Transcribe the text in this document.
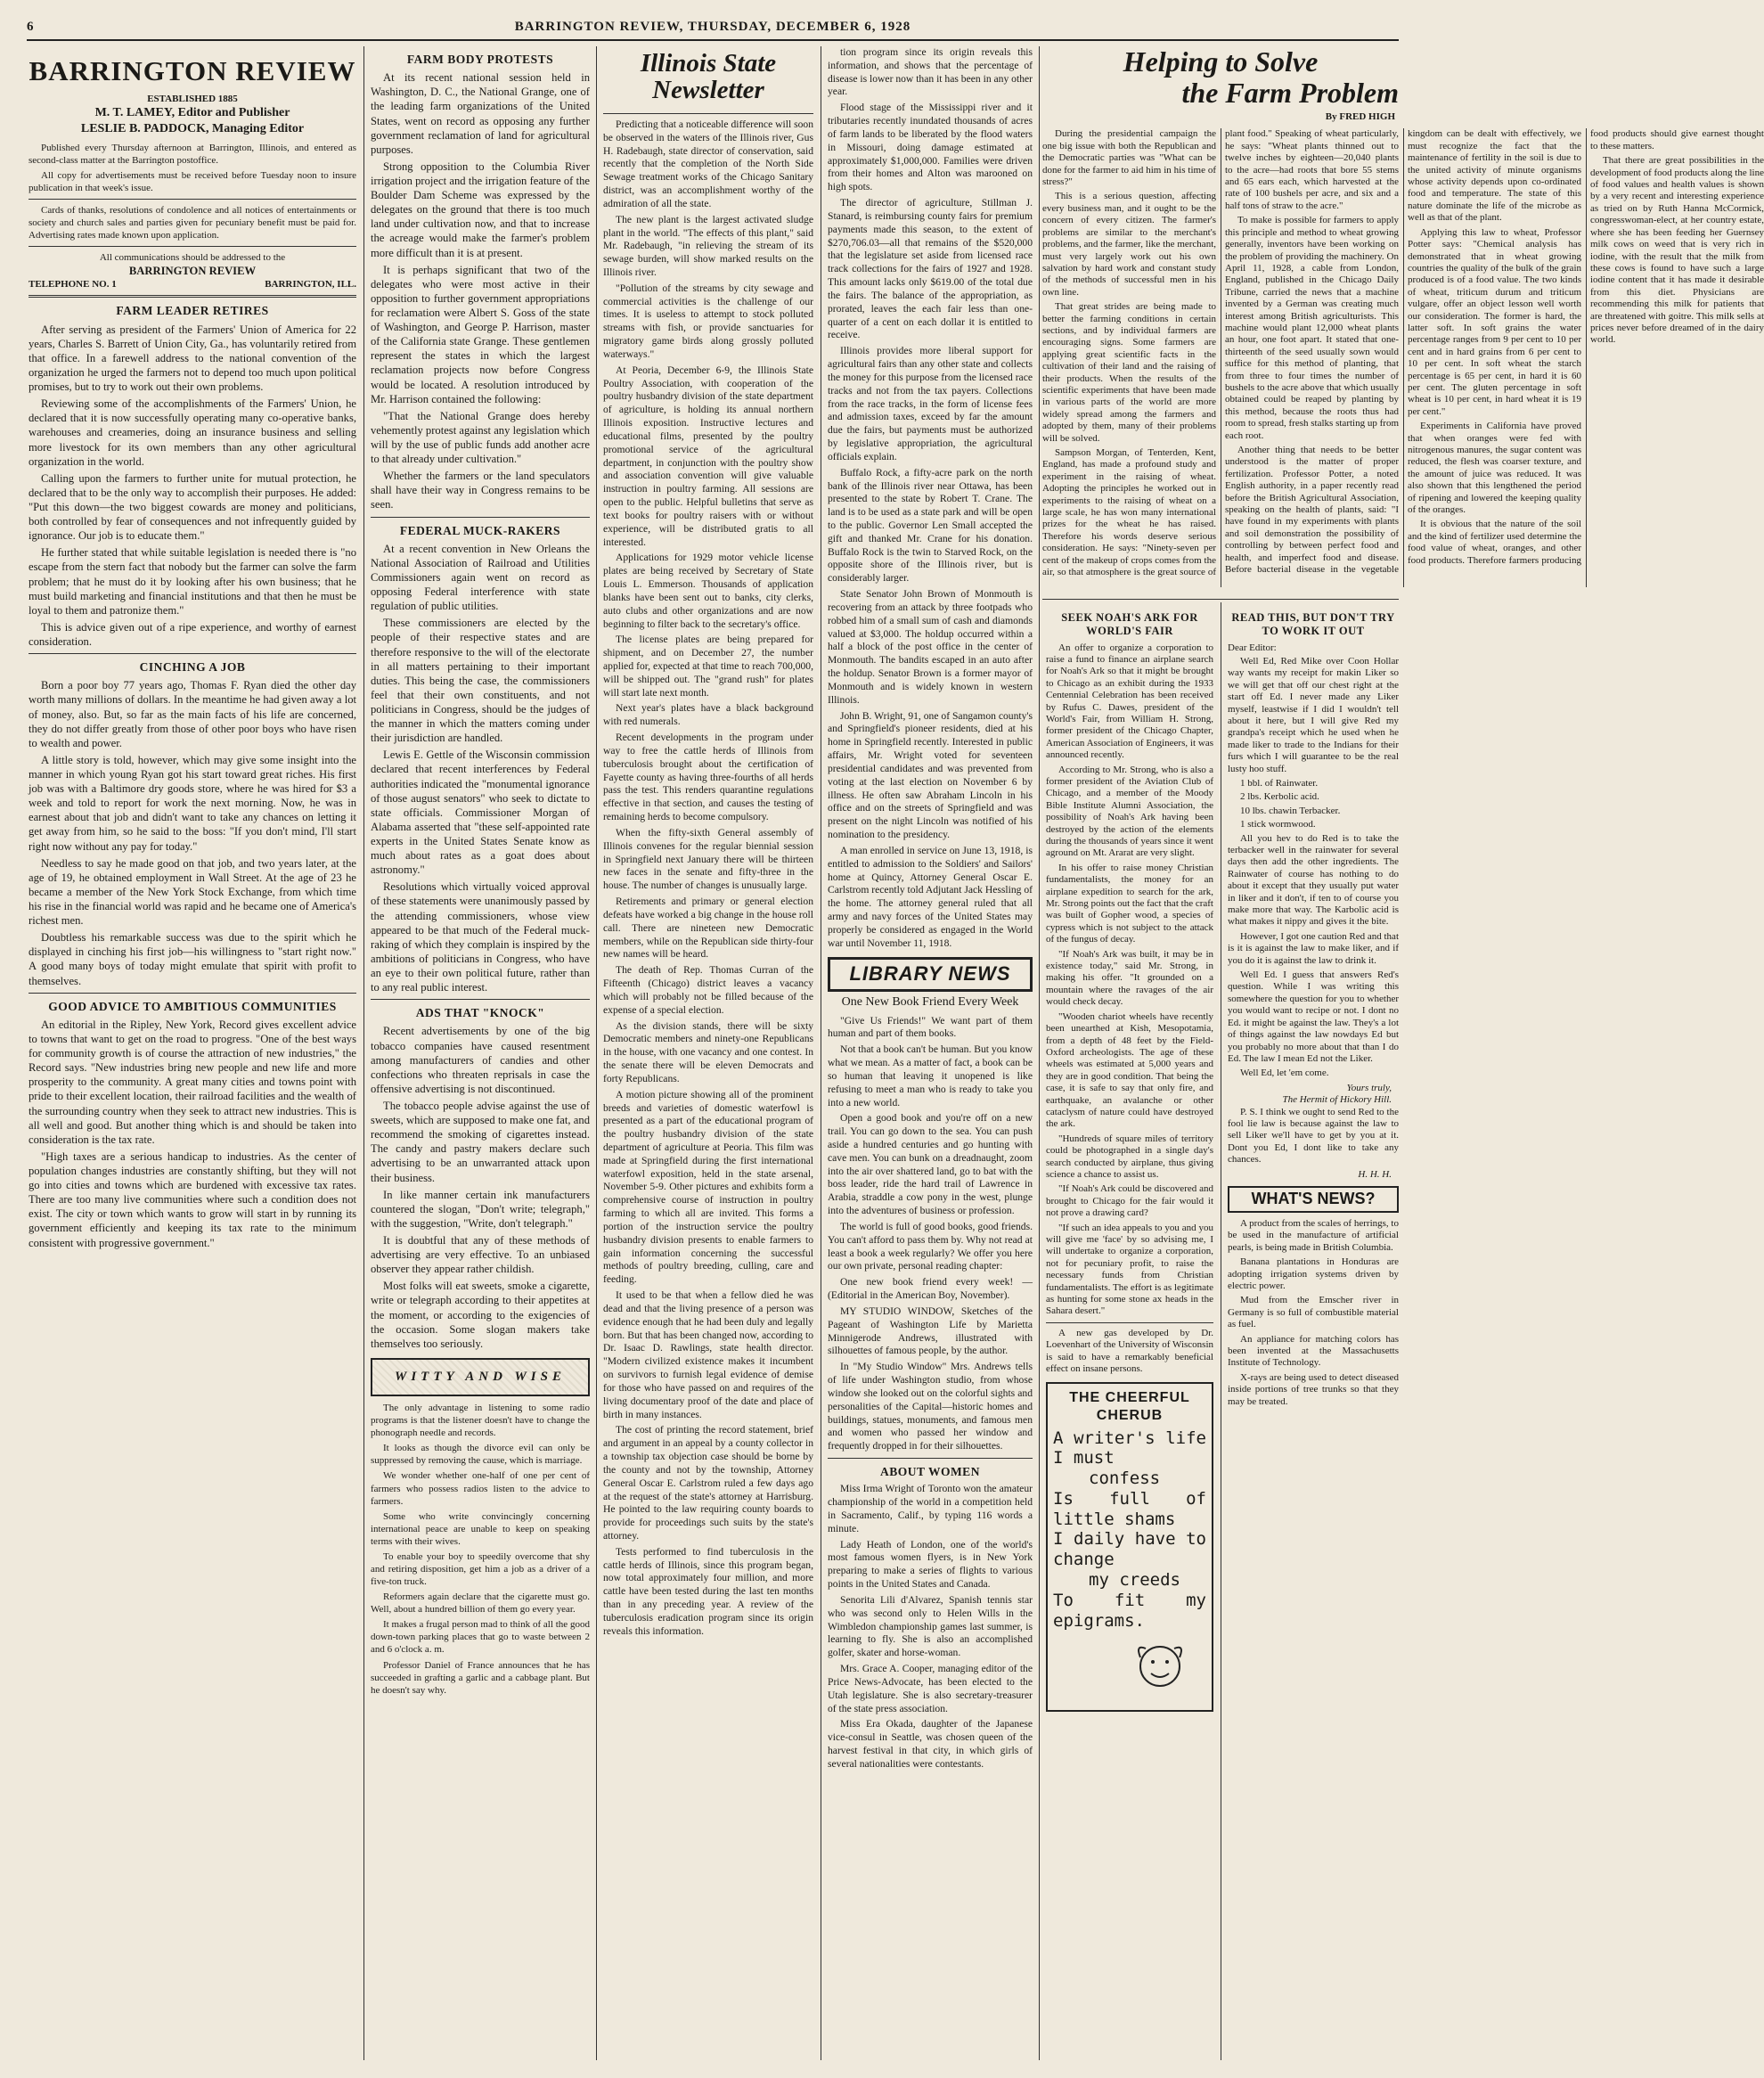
6	BARRINGTON REVIEW, THURSDAY, DECEMBER 6, 1928
BARRINGTON REVIEW
ESTABLISHED 1885
M. T. LAMEY, Editor and Publisher
LESLIE B. PADDOCK, Managing Editor

Published every Thursday afternoon at Barrington, Illinois, and entered as second-class matter at the Barrington postoffice.

All copy for advertisements must be received before Tuesday noon to insure publication in that week's issue.

Cards of thanks, resolutions of condolence and all notices of entertainments or society and church sales and parties given for pecuniary benefit must be paid for. Advertising rates made known upon application.

All communications should be addressed to the
BARRINGTON REVIEW
TELEPHONE NO. 1	BARRINGTON, ILL.
FARM LEADER RETIRES

After serving as president of the Farmers' Union of America for 22 years, Charles S. Barrett of Union City, Ga., has voluntarily retired from that office. In a farewell address to the national convention of the organization he urged the farmers not to depend too much upon political promises, but to try to work out their own problems.

Reviewing some of the accomplishments of the Farmers' Union, he declared that it is now successfully operating many co-operative banks, warehouses and creameries, doing an insurance business and selling more livestock for its own members than any other agricultural organization in the world.

Calling upon the farmers to further unite for mutual protection, he declared that to be the only way to accomplish their purposes. He added: "Put this down—the two biggest cowards are money and politicians, both controlled by fear of consequences and not infrequently guided by ignorance. Our job is to educate them."

He further stated that while suitable legislation is needed there is "no escape from the stern fact that nobody but the farmer can solve the farm problem; that he must do it by looking after his own business; that he must build marketing and financial institutions and that then he must be loyal to them and patronize them."

This is advice given out of a ripe experience, and worthy of earnest consideration.

CINCHING A JOB

Born a poor boy 77 years ago, Thomas F. Ryan died the other day worth many millions of dollars. In the meantime he had given away a lot of money, also. But, so far as the main facts of his life are concerned, they do not differ greatly from those of other poor boys who have risen to wealth and power.

A little story is told, however, which may give some insight into the manner in which young Ryan got his start toward great riches. His first job was with a Baltimore dry goods store, where he was hired for $3 a week and told to report for work the next morning. Now, he was in earnest about that job and didn't want to take any chances on letting it get away from him, so he said to the boss: "If you don't mind, I'll start right now without any pay for today."

Needless to say he made good on that job, and two years later, at the age of 19, he obtained employment in Wall Street. At the age of 23 he became a member of the New York Stock Exchange, from which time his rise in the financial world was rapid and he became one of America's richest men.

Doubtless his remarkable success was due to the spirit which he displayed in cinching his first job—his willingness to "start right now." A good many boys of today might emulate that spirit with profit to themselves.

GOOD ADVICE TO AMBITIOUS COMMUNITIES

An editorial in the Ripley, New York, Record gives excellent advice to towns that want to get on the road to progress. "One of the best ways for community growth is of course the attraction of new industries," the Record says. "New industries bring new people and new life and more prosperity to the community. A great many cities and towns point with pride to their excellent location, their railroad facilities and the wealth of the surrounding country when they seek to attract new industries. This is all well and good. But another thing which is and should be taken into consideration is the tax rate.

"High taxes are a serious handicap to industries. As the center of population changes industries are constantly shifting, but they will not go into cities and towns which are burdened with excessive tax rates. There are too many live communities where such a condition does not exist. The city or town which wants to grow will start in by running its government efficiently and keeping its tax rate to the minimum consistent with progressive government."

FARM BODY PROTESTS

At its recent national session held in Washington, D. C., the National Grange, one of the leading farm organizations of the United States, went on record as opposing any further government reclamation of land for agricultural purposes.

Strong opposition to the Columbia River irrigation project and the irrigation feature of the Boulder Dam Scheme was expressed by the delegates on the ground that there is too much land under cultivation now, and that to increase the acreage would make the farmer's problem more difficult than it is at present.

It is perhaps significant that two of the delegates who were most active in their opposition to further government appropriations for reclamation were Albert S. Goss of the state of Washington, and George P. Harrison, master of the California state Grange. These gentlemen represent the states in which the largest reclamation projects now before Congress would be located. A resolution introduced by Mr. Harrison contained the following:

"That the National Grange does hereby vehemently protest against any legislation which will by the use of public funds add another acre to that already under cultivation."

Whether the farmers or the land speculators shall have their way in Congress remains to be seen.

FEDERAL MUCK-RAKERS

At a recent convention in New Orleans the National Association of Railroad and Utilities Commissioners again went on record as opposing Federal interference with state regulation of public utilities.

These commissioners are elected by the people of their respective states and are therefore responsive to the will of the electorate in all matters pertaining to their important duties. This being the case, the commissioners feel that their own constituents, and not politicians in Congress, should be the judges of the manner in which the matters coming under their jurisdiction are handled.

Lewis E. Gettle of the Wisconsin commission declared that recent interferences by Federal authorities indicated the "monumental ignorance of those august senators" who seek to dictate to state officials. Commissioner Morgan of Alabama asserted that "these self-appointed rate experts in the United States Senate know as much about rates as a goat does about astronomy."

Resolutions which virtually voiced approval of these statements were unanimously passed by the attending commissioners, whose view appeared to be that much of the Federal muck-raking of which they complain is inspired by the ambitions of politicians in Congress, who have an eye to their own political future, rather than to any real public interest.

ADS THAT "KNOCK"

Recent advertisements by one of the big tobacco companies have caused resentment among manufacturers of candies and other confections who threaten reprisals in case the offensive advertising is not discontinued.

The tobacco people advise against the use of sweets, which are supposed to make one fat, and recommend the smoking of cigarettes instead. The candy and pastry makers declare such advertising to be an unwarranted attack upon their business.

In like manner certain ink manufacturers countered the slogan, "Don't write; telegraph," with the suggestion, "Write, don't telegraph."

It is doubtful that any of these methods of advertising are very effective. To an unbiased observer they appear rather childish.

Most folks will eat sweets, smoke a cigarette, write or telegraph according to their appetites at the moment, or according to the exigencies of the occasion. Some slogan makers take themselves too seriously.

WITTY AND WISE

The only advantage in listening to some radio programs is that the listener doesn't have to change the phonograph needle and records.

It looks as though the divorce evil can only be suppressed by removing the cause, which is marriage.

We wonder whether one-half of one per cent of farmers who possess radios listen to the advice to farmers.

Some who write convincingly concerning international peace are unable to keep on speaking terms with their wives.

To enable your boy to speedily overcome that shy and retiring disposition, get him a job as a driver of a five-ton truck.

Reformers again declare that the cigarette must go. Well, about a hundred billion of them go every year.

It makes a frugal person mad to think of all the good down-town parking places that go to waste between 2 and 6 o'clock a. m.

Professor Daniel of France announces that he has succeeded in grafting a garlic and a cabbage plant. But he doesn't say why.

Illinois State Newsletter

Predicting that a noticeable difference will soon be observed in the waters of the Illinois river, Gus H. Radebaugh, state director of conservation, said recently that the completion of the North Side Sewage treatment works of the Chicago Sanitary district, was an accomplishment worthy of the admiration of all the state.

The new plant is the largest activated sludge plant in the world. "The effects of this plant," said Mr. Radebaugh, "in relieving the stream of its sewage burden, will show marked results on the Illinois river.

"Pollution of the streams by city sewage and commercial activities is the challenge of our times. It is useless to attempt to stock polluted streams with fish, or provide sanctuaries for migratory game birds along grossly polluted waterways."

At Peoria, December 6-9, the Illinois State Poultry Association, with cooperation of the poultry husbandry division of the state department of agriculture, is holding its annual northern Illinois exposition. Instructive lectures and educational films, presented by the poultry promotional service of the agricultural department, in conjunction with the poultry show and association convention will give valuable instruction in poultry farming. All sessions are open to the public. Helpful bulletins that serve as text books for poultry raisers with or without experience, will be distributed gratis to all interested.

Applications for 1929 motor vehicle license plates are being received by Secretary of State Louis L. Emmerson. Thousands of application blanks have been sent out to banks, city clerks, auto clubs and other organizations and are now beginning to filter back to the secretary's office.

The license plates are being prepared for shipment, and on December 27, the number applied for, expected at that time to reach 700,000, will be shipped out. The "grand rush" for plates will start late next month.

Next year's plates have a black background with red numerals.

Recent developments in the program under way to free the cattle herds of Illinois from tuberculosis brought about the certification of Fayette county as having three-fourths of all herds pass the test. This renders quarantine regulations effective in that section, and causes the testing of remaining herds to become compulsory.

When the fifty-sixth General assembly of Illinois convenes for the regular biennial session in Springfield next January there will be thirteen new faces in the senate and fifty-three in the house. The number of changes is unusually large.

Retirements and primary or general election defeats have worked a big change in the house roll call. There are nineteen new Democratic members, while on the Republican side thirty-four new names will be heard.

The death of Rep. Thomas Curran of the Fifteenth (Chicago) district leaves a vacancy which will probably not be filled because of the expense of a special election.

As the division stands, there will be sixty Democratic members and ninety-one Republicans in the house, with one vacancy and one contest. In the senate there will be eleven Democrats and forty Republicans.

A motion picture showing all of the prominent breeds and varieties of domestic waterfowl is presented as a part of the educational program of the poultry husbandry division of the state department of agriculture at Peoria. This film was made at Springfield during the first international waterfowl exposition, held in the state arsenal, November 5-9. Other pictures and exhibits form a comprehensive course of instruction in poultry farming to which all are invited. This forms a portion of the instruction service the poultry husbandry division presents to enable farmers to gain information concerning the successful methods of poultry breeding, culling, care and feeding.

It used to be that when a fellow died he was dead and that the living presence of a person was evidence enough that he had been duly and legally born. But that has been changed now, according to Dr. Isaac D. Rawlings, state health director. "Modern civilized existence makes it incumbent on survivors to furnish legal evidence of demise for those who have passed on and requires of the living documentary proof of the date and place of birth in many instances.

The cost of printing the record statement, brief and argument in an appeal by a county collector in a township tax objection case should be borne by the county and not by the township, Attorney General Oscar E. Carlstrom ruled a few days ago at the request of the state's attorney at Harrisburg. He pointed to the law requiring county boards to provide for proceedings such suits by the state's attorney.

Tests performed to find tuberculosis in the cattle herds of Illinois, since this program began, now total approximately four million, and more cattle have been tested during the last ten months than in any preceding year. A review of the tuberculosis eradication program since its origin reveals this information.

tion program since its origin reveals this information, and shows that the percentage of disease is lower now than it has been in any other year.

Flood stage of the Mississippi river and it tributaries recently inundated thousands of acres of farm lands to be liberated by the flood waters in Missouri, doing damage estimated at approximately $1,000,000. Families were driven from their homes and Alton was marooned on high spots.

The director of agriculture, Stillman J. Stanard, is reimbursing county fairs for premium payments made this season, to the extent of $270,706.03—all that remains of the $520,000 that the legislature set aside from licensed race track collections for the fairs of 1927 and 1928. This amount lacks only $619.00 of the total due the fairs. The balance of the appropriation, as prorated, leaves the each fair less than one-quarter of a cent on each dollar it is entitled to receive.

Illinois provides more liberal support for agricultural fairs than any other state and collects the money for this purpose from the licensed race tracks and not from the tax payers. Collections from the race tracks, in the form of license fees and admission taxes, exceed by far the amount due the fairs, but payments must be authorized by legislative appropriation, the agricultural officials explain.

Buffalo Rock, a fifty-acre park on the north bank of the Illinois river near Ottawa, has been presented to the state by Robert T. Crane. The land is to be used as a state park and will be open to the public. Governor Len Small accepted the gift and thanked Mr. Crane for his donation. Buffalo Rock is the twin to Starved Rock, on the opposite shore of the Illinois river, but is considerably larger.

State Senator John Brown of Monmouth is recovering from an attack by three footpads who robbed him of a small sum of cash and diamonds valued at $3,000. The holdup occurred within a half a block of the post office in the center of Monmouth. The bandits escaped in an auto after the holdup. Senator Brown is a former mayor of Monmouth and is widely known in western Illinois.

John B. Wright, 91, one of Sangamon county's and Springfield's pioneer residents, died at his home in Springfield recently. Interested in public affairs, Mr. Wright voted for seventeen presidential candidates and was prevented from voting at the last election on November 6 by illness. He often saw Abraham Lincoln in his office and on the streets of Springfield and was present on the night Lincoln was notified of his nomination to the presidency.

A man enrolled in service on June 13, 1918, is entitled to admission to the Soldiers' and Sailors' home at Quincy, Attorney General Oscar E. Carlstrom recently told Adjutant Jack Hessling of the home. The attorney general ruled that all army and navy forces of the United States may properly be considered as engaged in the World war until November 11, 1918.

LIBRARY NEWS
One New Book Friend Every Week

"Give Us Friends!" We want part of them human and part of them books.

Not that a book can't be human. But you know what we mean. As a matter of fact, a book can be so human that leaving it unopened is like refusing to meet a man who is ready to take you into a new world.

Open a good book and you're off on a new trail. You can go down to the sea. You can push aside a hundred centuries and go hunting with cave men. You can bunk on a dreadnaught, zoom into the air over shattered land, go to bat with the boss leader, ride the hard trail of Lawrence in Arabia, straddle a cow pony in the west, plunge into the adventures of business or profession.

The world is full of good books, good friends. You can't afford to pass them by. Why not read at least a book a week regularly? We offer you here our own private, personal reading chapter:

One new book friend every week! —(Editorial in the American Boy, November).

MY STUDIO WINDOW, Sketches of the Pageant of Washington Life by Marietta Minnigerode Andrews, illustrated with silhouettes of famous people, by the author.

In "My Studio Window" Mrs. Andrews tells of life under Washington studio, from whose window she looked out on the colorful sights and personalities of the Capital—historic homes and buildings, statues, monuments, and famous men and women who passed her window and frequently dropped in for their silhouettes.

ABOUT WOMEN

Miss Irma Wright of Toronto won the amateur championship of the world in a competition held in Sacramento, Calif., by typing 116 words a minute.

Lady Heath of London, one of the world's most famous women flyers, is in New York preparing to make a series of flights to various points in the United States and Canada.

Senorita Lili d'Alvarez, Spanish tennis star who was second only to Helen Wills in the Wimbledon championship games last summer, is learning to fly. She is also an accomplished golfer, skater and horse-woman.

Mrs. Grace A. Cooper, managing editor of the Price News-Advocate, has been elected to the Utah legislature. She is also secretary-treasurer of the state press association.

Miss Era Okada, daughter of the Japanese vice-consul in Seattle, was chosen queen of the harvest festival in that city, in which girls of several nationalities were contestants.

Helping to Solve
the Farm Problem
By FRED HIGH

During the presidential campaign the one big issue with both the Republican and the Democratic parties was "What can be done for the farmer to aid him in his time of stress?"

This is a serious question, affecting every business man, and it ought to be the concern of every citizen. The farmer's problems are similar to the merchant's problems, and the farmer, like the merchant, must very largely work out his own salvation by hard work and constant study of the methods of successful men in his own line.

That great strides are being made to better the farming conditions in certain sections, and by individual farmers are encouraging signs. Some farmers are applying great scientific facts in the cultivation of their land and the raising of their products. When the results of the scientific experiments that have been made in various parts of the world are more widely spread among the farmers and adopted by them, many of their problems will be solved.

Sampson Morgan, of Tenterden, Kent, England, has made a profound study and experiment in the raising of wheat. Adopting the principles he worked out in experiments to the raising of wheat on a large scale, he has won many international prizes for the wheat he has raised. Therefore his words deserve serious consideration. He says: "Ninety-seven per cent of the makeup of crops comes from the air, so that atmosphere is the great source of plant food." Speaking of wheat particularly, he says: "Wheat plants thinned out to twelve inches by eighteen—20,040 plants to the acre—had roots that bore 55 stems and 65 ears each, which harvested at the rate of 100 bushels per acre, and six and a half tons of straw to the acre."

To make is possible for farmers to apply this principle and method to wheat growing generally, inventors have been working on the problem of providing the machinery. On April 11, 1928, a cable from London, England, published in the Chicago Daily Tribune, carried the news that a machine invented by a German was creating much interest among British agriculturists. This machine would plant 12,000 wheat plants an hour, one foot apart. It stated that one-thirteenth of the seed usually sown would suffice for this method of planting, that from three to four times the number of bushels to the acre above that which usually obtained could be reaped by planting by this method, because the roots thus had room to spread, fresh stalks starting up from each root.

Another thing that needs to be better understood is the matter of proper fertilization. Professor Potter, a noted English authority, in a paper recently read before the British Agricultural Association, speaking on the health of plants, said: "I have found in my experiments with plants and soil demonstration the possibility of controlling by between perfect food and health, and imperfect food and disease. Before bacterial disease in the vegetable kingdom can be dealt with effectively, we must recognize the fact that the maintenance of fertility in the soil is due to the united activity of minute organisms whose activity depends upon co-ordinated food and temperature. The state of this nature dominate the life of the microbe as well as that of the plant.

Applying this law to wheat, Professor Potter says: "Chemical analysis has demonstrated that in wheat growing countries the quality of the bulk of the grain produced is of a food value. The two kinds of wheat, triticum durum and triticum vulgare, offer an object lesson well worth our consideration. The former is hard, the latter soft. In soft grains the water percentage ranges from 9 per cent to 10 per cent and in hard grains from 6 per cent to 10 per cent. In soft wheat the starch percentage is 65 per cent, in hard it is 60 per cent. The gluten percentage in soft wheat is 10 per cent, in hard wheat it is 19 per cent."

Experiments in California have proved that when oranges were fed with nitrogenous manures, the sugar content was reduced, the flesh was coarser texture, and the amount of juice was reduced. It was also shown that this lengthened the period of ripening and lowered the keeping quality of the oranges.

It is obvious that the nature of the soil and the kind of fertilizer used determine the food value of wheat, oranges, and other food products. Therefore farmers producing food products should give earnest thought to these matters.

That there are great possibilities in the development of food products along the line of food values and health values is shown by a very recent and interesting experience as tried on by Ruth Hanna McCormick, congresswoman-elect, at her country estate, where she has been feeding her Guernsey milk cows on weed that is very rich in iodine, with the result that the milk from these cows is found to have such a large iodine content that it has made it desirable from this diet. Physicians are recommending this milk for patients that are threatened with goitre. This milk sells at prices never before dreamed of in the dairy world.

SEEK NOAH'S ARK FOR WORLD'S FAIR

An offer to organize a corporation to raise a fund to finance an airplane search for Noah's Ark so that it might be brought to Chicago as an exhibit during the 1933 Centennial Celebration has been received by Rufus C. Dawes, president of the World's Fair, from William H. Strong, former president of the Chicago Chapter, American Association of Engineers, it was announced recently.

According to Mr. Strong, who is also a former president of the Aviation Club of Chicago, and a member of the Moody Bible Institute Alumni Association, the possibility of Noah's Ark having been destroyed by the action of the elements during the thousands of years since it went aground on Mt. Ararat are very slight.

In his offer to raise money Christian fundamentalists, the money for an airplane expedition to search for the ark, Mr. Strong points out the fact that the craft was built of Gopher wood, a species of cypress which is not subject to the attack of the fungus of decay.

"If Noah's Ark was built, it may be in existence today," said Mr. Strong, in making his offer. "It grounded on a mountain where the ravages of the air would check decay.

"Wooden chariot wheels have recently been unearthed at Kish, Mesopotamia, from a depth of 48 feet by the Field-Oxford archeologists. The age of these wheels was estimated at 5,000 years and they are in good condition. That being the case, it is safe to say that only fire, and earthquake, an avalanche or other cataclysm of nature could have destroyed the ark.

"Hundreds of square miles of territory could be photographed in a single day's search conducted by airplane, thus giving science a chance to assist us.

"If Noah's Ark could be discovered and brought to Chicago for the fair would it not prove a drawing card?

"If such an idea appeals to you and you will give me 'face' by so advising me, I will undertake to organize a corporation, not for pecuniary profit, to raise the necessary funds from Christian fundamentalists. The effort is as legitimate as hunting for some stone ax heads in the Sahara desert."

A new gas developed by Dr. Loevenhart of the University of Wisconsin is said to have a remarkably beneficial effect on insane persons.

THE CHEERFUL CHERUB
A writer's life I must
confess
Is full of little shams
I daily have to change
my creeds
To fit my epigrams.
READ THIS, BUT DON'T TRY TO WORK IT OUT
Dear Editor:

Well Ed, Red Mike over Coon Hollar way wants my receipt for makin Liker so we will get that off our chest right at the start off Ed. I never made any Liker myself, leastwise if I did I wouldn't tell about it here, but I will give Red my grandpa's receipt which he used when he made liker to trade to the Indians for their furs which I will guarantee to be the real lusty hoo stuff.

1 bbl. of Rainwater.
2 lbs. Kerbolic acid.
10 lbs. chawin Terbacker.
1 stick wormwood.

All you hev to do Red is to take the terbacker well in the rainwater for several days then add the other ingredients. The Rainwater of course has nothing to do about it except that they usually put water in liker and it don't, if ten to of course you make more that way. The Karbolic acid is what makes it nippy and gives it the bite.

However, I got one caution Red and that is it is against the law to make liker, and if you do it is against the law to drink it.

Well Ed. I guess that answers Red's question. While I was writing this somewhere the question for you to whether you would want to recipe or not. I dont no Ed. it might be against the law. They's a lot of things against the law nowdays Ed but you probably no more about that than I do Ed. The law I mean Ed not the Liker.

Well Ed, let 'em come.

Yours truly,
The Hermit of Hickory Hill.

P. S. I think we ought to send Red to the fool lie law is because against the law to sell Liker we'll have to get by you at it. Dont you Ed, I dont like to take any chances.

H. H. H.
WHAT'S NEWS?

A product from the scales of herrings, to be used in the manufacture of artificial pearls, is being made in British Columbia.

Banana plantations in Honduras are adopting irrigation systems driven by electric power.

Mud from the Emscher river in Germany is so full of combustible material as fuel.

An appliance for matching colors has been invented at the Massachusetts Institute of Technology.

X-rays are being used to detect diseased inside portions of tree trunks so that they may be treated.
